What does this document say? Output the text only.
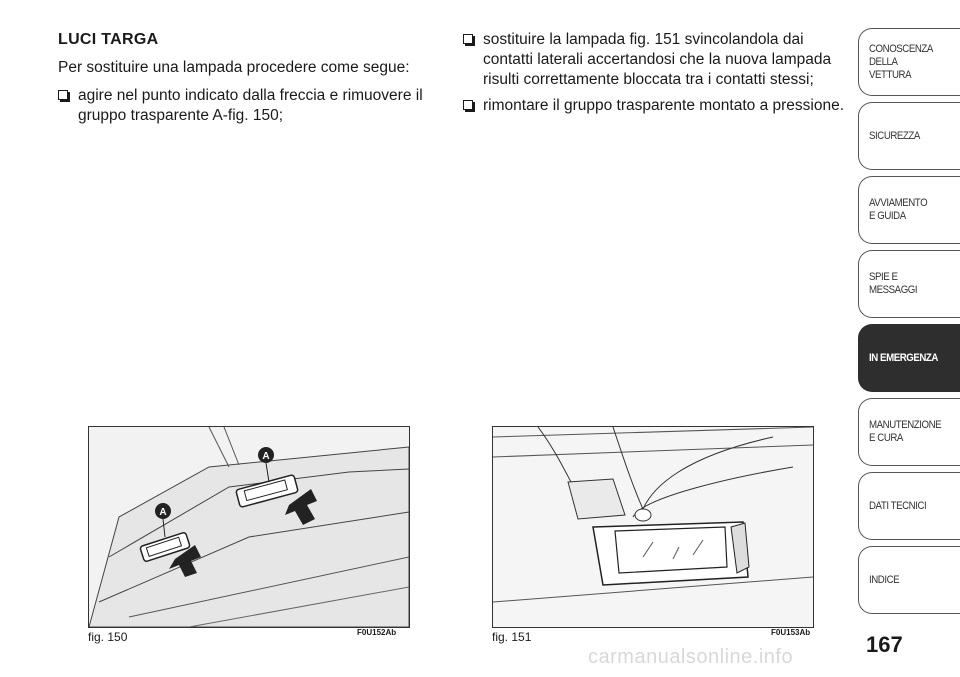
LUCI TARGA
Per sostituire una lampada procedere come segue:
agire nel punto indicato dalla freccia e rimuovere il gruppo trasparente A-fig. 150;
sostituire la lampada fig. 151 svincolandola dai contatti laterali accertandosi che la nuova lampada risulti correttamente bloccata tra i contatti stessi;
rimontare il gruppo trasparente montato a pressione.
A
A
fig. 150	F0U152Ab	fig. 151	F0U153Ab
CONOSCENZA
DELLA
VETTURA
SICUREZZA
AVVIAMENTO
E GUIDA
SPIE E
MESSAGGI
IN EMERGENZA
MANUTENZIONE
E CURA
DATI TECNICI
INDICE
167
carmanualsonline.info
